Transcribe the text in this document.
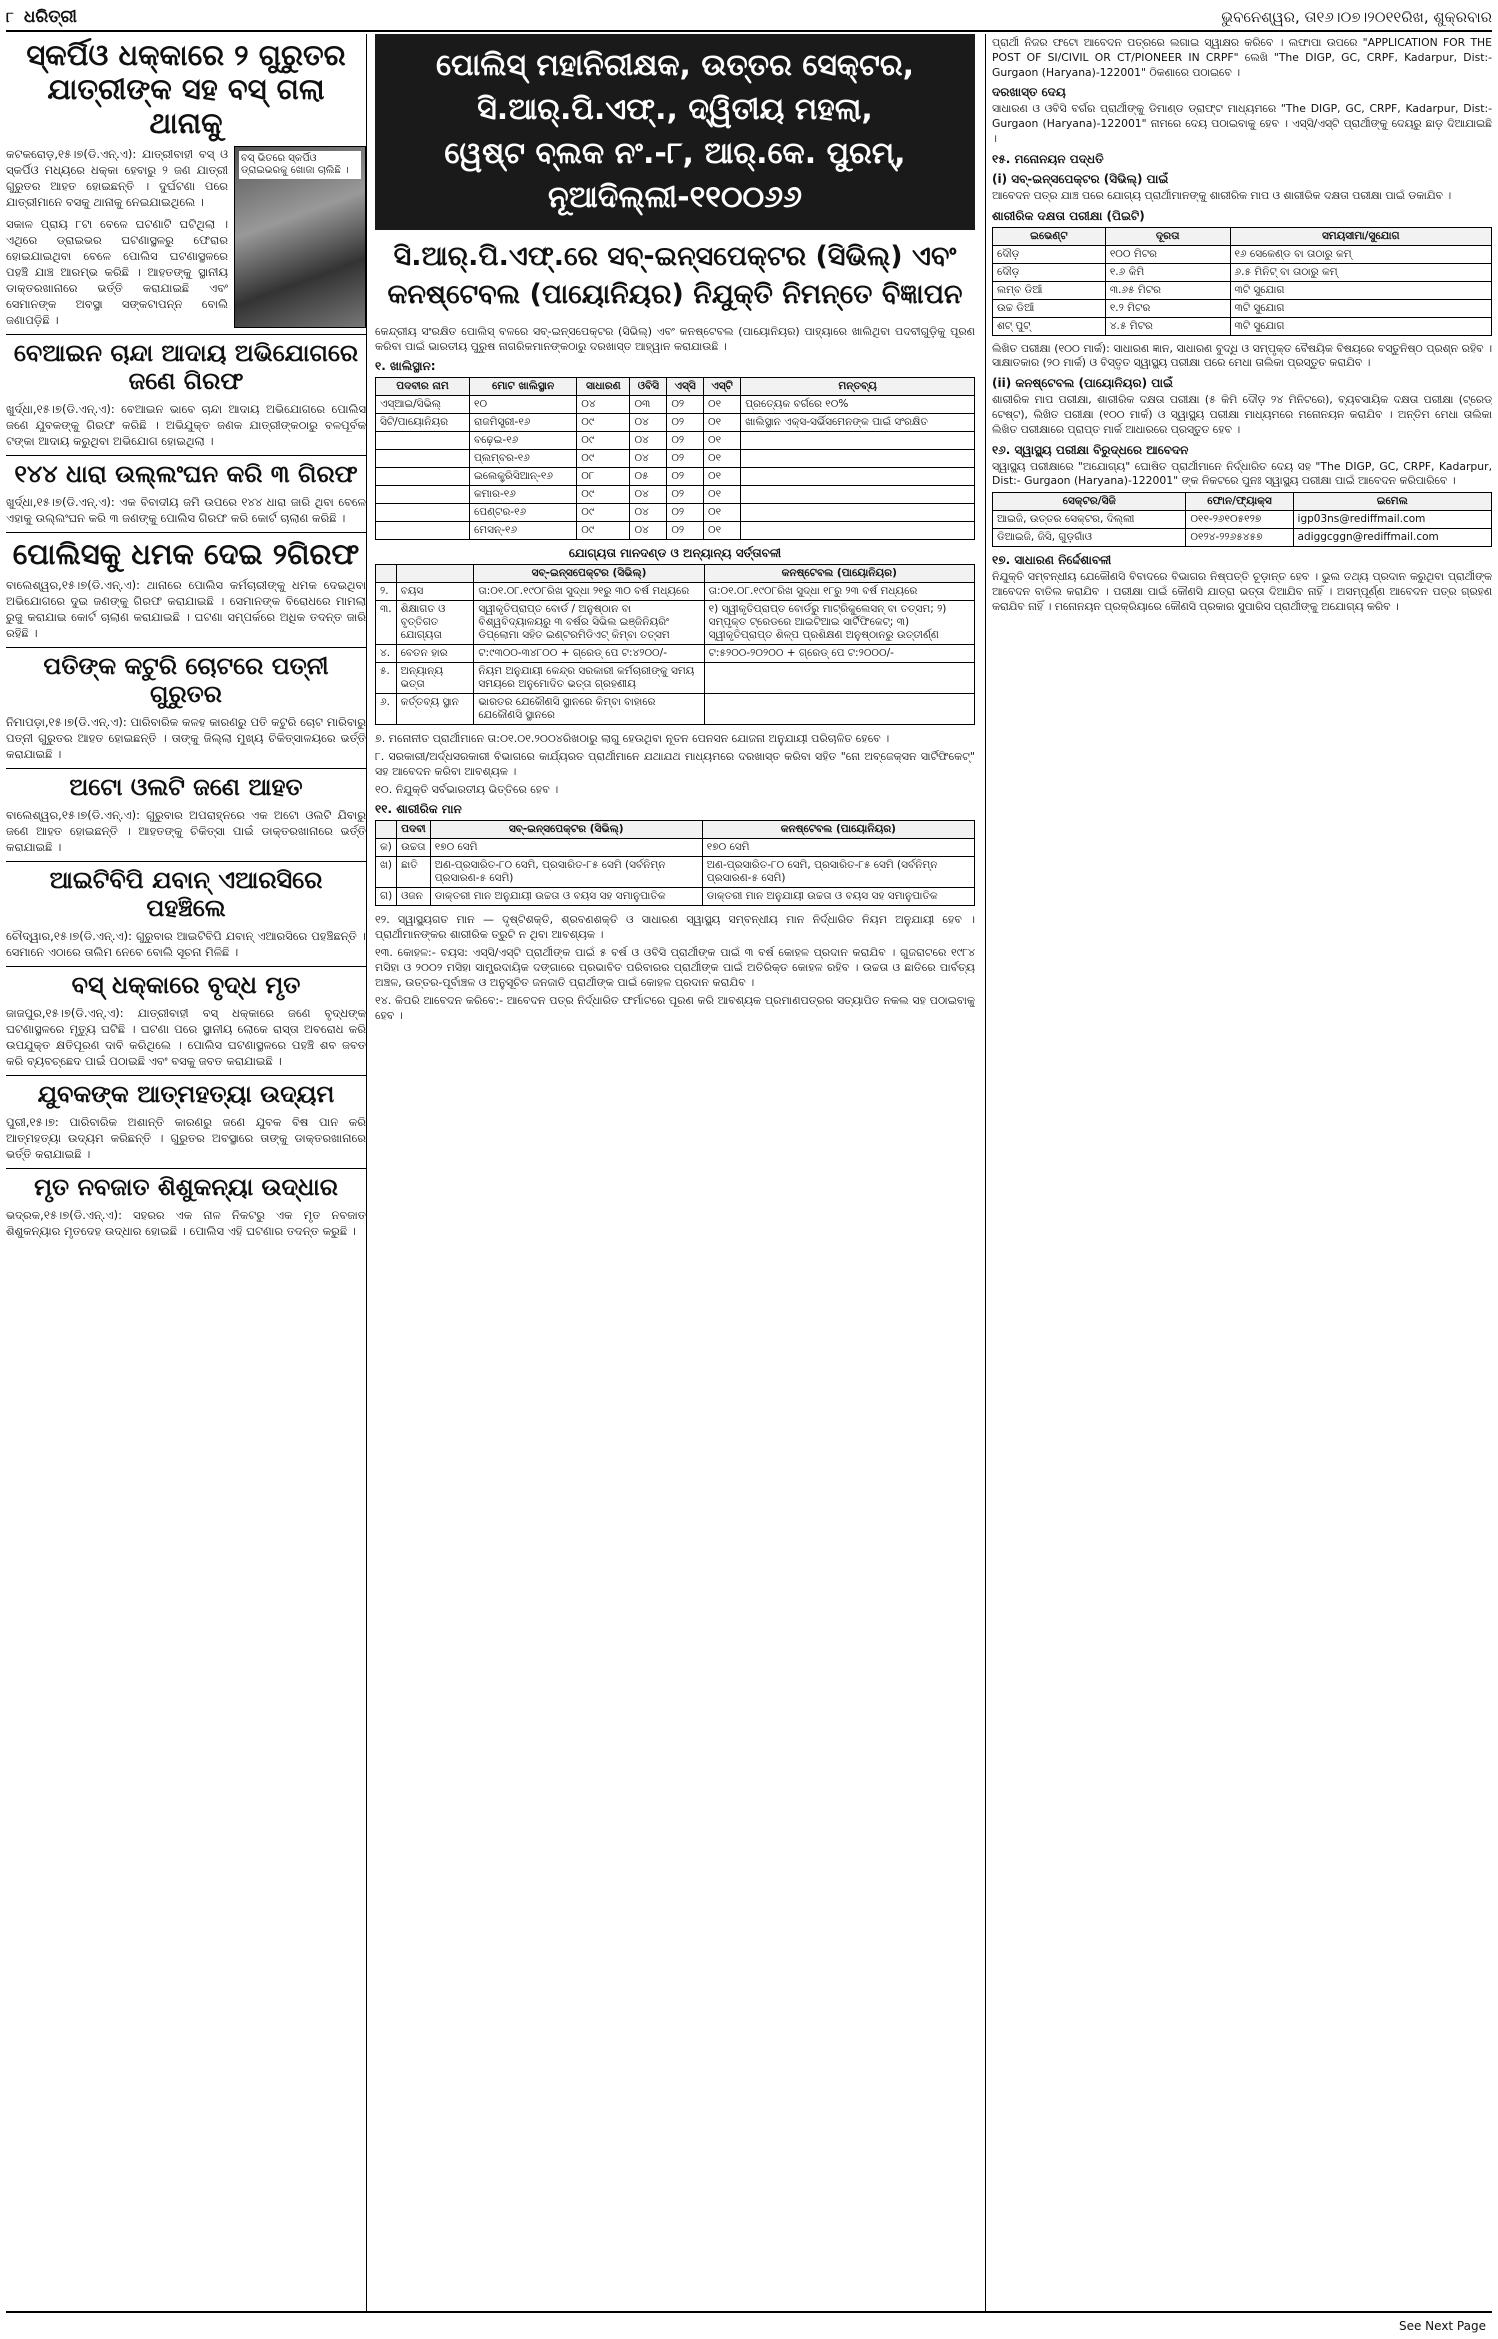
୮ ଧରିତ୍ରୀ	ଭୁବନେଶ୍ୱର, ତା୧୬।୦୭।୨୦୧୧ରିଖ, ଶୁକ୍ରବାର
ସ୍କର୍ପିଓ ଧକ୍କାରେ ୨ ଗୁରୁତର ଯାତ୍ରୀଙ୍କ ସହ ବସ୍ ଗଲା ଥାନାକୁ
ବସ୍ ଭିତରେ ସ୍କର୍ପିଓ ଡ୍ରାଇଭରକୁ ଖୋଜା ଚାଲିଛି ।

କଟକରୋଡ଼,୧୫।୭(ଡି.ଏନ୍.ଏ): ଯାତ୍ରୀବାହୀ ବସ୍ ଓ ସ୍କର୍ପିଓ ମଧ୍ୟରେ ଧକ୍କା ହେବାରୁ ୨ ଜଣ ଯାତ୍ରୀ ଗୁରୁତର ଆହତ ହୋଇଛନ୍ତି । ଦୁର୍ଘଟଣା ପରେ ଯାତ୍ରୀମାନେ ବସକୁ ଥାନାକୁ ନେଇଯାଇଥିଲେ ।

ସକାଳ ପ୍ରାୟ ୮ଟା ବେଳେ ଘଟଣାଟି ଘଟିଥିଲା । ଏଥିରେ ଡ୍ରାଇଭର ଘଟଣାସ୍ଥଳରୁ ଫେରାର ହୋଇଯାଇଥିବା ବେଳେ ପୋଲିସ ଘଟଣାସ୍ଥଳରେ ପହଞ୍ଚି ଯାଞ୍ଚ ଆରମ୍ଭ କରିଛି । ଆହତଙ୍କୁ ସ୍ଥାନୀୟ ଡାକ୍ତରଖାନାରେ ଭର୍ତ୍ତି କରାଯାଇଛି ଏବଂ ସେମାନଙ୍କ ଅବସ୍ଥା ସଙ୍କଟାପନ୍ନ ବୋଲି ଜଣାପଡ଼ିଛି ।

ବେଆଇନ ଚାନ୍ଦା ଆଦାୟ ଅଭିଯୋଗରେ ଜଣେ ଗିରଫ

ଖୁର୍ଦ୍ଧା,୧୫।୭(ଡି.ଏନ୍.ଏ): ବେଆଇନ ଭାବେ ଚାନ୍ଦା ଆଦାୟ ଅଭିଯୋଗରେ ପୋଲିସ ଜଣେ ଯୁବକଙ୍କୁ ଗିରଫ କରିଛି । ଅଭିଯୁକ୍ତ ଜଣକ ଯାତ୍ରୀଙ୍କଠାରୁ ବଳପୂର୍ବକ ଟଙ୍କା ଆଦାୟ କରୁଥିବା ଅଭିଯୋଗ ହୋଇଥିଲା ।

୧୪୪ ଧାରା ଉଲ୍ଲଂଘନ କରି ୩ ଗିରଫ

ଖୁର୍ଦ୍ଧା,୧୫।୭(ଡି.ଏନ୍.ଏ): ଏକ ବିବାଦୀୟ ଜମି ଉପରେ ୧୪୪ ଧାରା ଜାରି ଥିବା ବେଳେ ଏହାକୁ ଉଲ୍ଲଂଘନ କରି ୩ ଜଣଙ୍କୁ ପୋଲିସ ଗିରଫ କରି କୋର୍ଟ ଚାଲାଣ କରିଛି ।

ପୋଲିସକୁ ଧମକ ଦେଇ ୨ଗିରଫ

ବାଲେଶ୍ୱର,୧୫।୭(ଡି.ଏନ୍.ଏ): ଥାନାରେ ପୋଲିସ କର୍ମଚାରୀଙ୍କୁ ଧମକ ଦେଇଥିବା ଅଭିଯୋଗରେ ଦୁଇ ଜଣଙ୍କୁ ଗିରଫ କରାଯାଇଛି । ସେମାନଙ୍କ ବିରୋଧରେ ମାମଲା ରୁଜୁ କରାଯାଇ କୋର୍ଟ ଚାଲାଣ କରାଯାଇଛି । ଘଟଣା ସମ୍ପର୍କରେ ଅଧିକ ତଦନ୍ତ ଜାରି ରହିଛି ।

ପତିଙ୍କ କଟୁରି ଚୋଟରେ ପତ୍ନୀ ଗୁରୁତର

ନିମାପଡ଼ା,୧୫।୭(ଡି.ଏନ୍.ଏ): ପାରିବାରିକ କଳହ କାରଣରୁ ପତି କଟୁରି ଚୋଟ ମାରିବାରୁ ପତ୍ନୀ ଗୁରୁତର ଆହତ ହୋଇଛନ୍ତି । ତାଙ୍କୁ ଜିଲ୍ଲା ମୁଖ୍ୟ ଚିକିତ୍ସାଳୟରେ ଭର୍ତ୍ତି କରାଯାଇଛି ।

ଅଟୋ ଓଲଟି ଜଣେ ଆହତ

ବାଲେଶ୍ୱର,୧୫।୭(ଡି.ଏନ୍.ଏ): ଗୁରୁବାର ଅପରାହ୍ନରେ ଏକ ଅଟୋ ଓଲଟି ଯିବାରୁ ଜଣେ ଆହତ ହୋଇଛନ୍ତି । ଆହତଙ୍କୁ ଚିକିତ୍ସା ପାଇଁ ଡାକ୍ତରଖାନାରେ ଭର୍ତ୍ତି କରାଯାଇଛି ।

ଆଇଟିବିପି ଯବାନ୍ ଏଆରସିରେ ପହଞ୍ଚିଲେ

ଚୌଦ୍ୱାର,୧୫।୭(ଡି.ଏନ୍.ଏ): ଗୁରୁବାର ଆଇଟିବିପି ଯବାନ୍ ଏଆରସିରେ ପହଞ୍ଚିଛନ୍ତି । ସେମାନେ ଏଠାରେ ତାଲିମ ନେବେ ବୋଲି ସୂଚନା ମିଳିଛି ।

ବସ୍ ଧକ୍କାରେ ବୃଦ୍ଧ ମୃତ

ଜାଜପୁର,୧୫।୭(ଡି.ଏନ୍.ଏ): ଯାତ୍ରୀବାହୀ ବସ୍ ଧକ୍କାରେ ଜଣେ ବୃଦ୍ଧଙ୍କ ଘଟଣାସ୍ଥଳରେ ମୃତ୍ୟୁ ଘଟିଛି । ଘଟଣା ପରେ ସ୍ଥାନୀୟ ଲୋକେ ରାସ୍ତା ଅବରୋଧ କରି ଉପଯୁକ୍ତ କ୍ଷତିପୂରଣ ଦାବି କରିଥିଲେ । ପୋଲିସ ଘଟଣାସ୍ଥଳରେ ପହଞ୍ଚି ଶବ ଜବତ କରି ବ୍ୟବଚ୍ଛେଦ ପାଇଁ ପଠାଇଛି ଏବଂ ବସକୁ ଜବତ କରାଯାଇଛି ।

ଯୁବକଙ୍କ ଆତ୍ମହତ୍ୟା ଉଦ୍ୟମ

ପୁରୀ,୧୫।୭: ପାରିବାରିକ ଅଶାନ୍ତି କାରଣରୁ ଜଣେ ଯୁବକ ବିଷ ପାନ କରି ଆତ୍ମହତ୍ୟା ଉଦ୍ୟମ କରିଛନ୍ତି । ଗୁରୁତର ଅବସ୍ଥାରେ ତାଙ୍କୁ ଡାକ୍ତରଖାନାରେ ଭର୍ତ୍ତି କରାଯାଇଛି ।

ମୃତ ନବଜାତ ଶିଶୁକନ୍ୟା ଉଦ୍ଧାର

ଭଦ୍ରକ,୧୫।୭(ଡି.ଏନ୍.ଏ): ସହରର ଏକ ନାଳ ନିକଟରୁ ଏକ ମୃତ ନବଜାତ ଶିଶୁକନ୍ୟାର ମୃତଦେହ ଉଦ୍ଧାର ହୋଇଛି । ପୋଲିସ ଏହି ଘଟଣାର ତଦନ୍ତ କରୁଛି ।

ପୋଲିସ୍ ମହାନିରୀକ୍ଷକ, ଉତ୍ତର ସେକ୍ଟର,
ସି.ଆର୍.ପି.ଏଫ୍., ଦ୍ୱିତୀୟ ମହଲା,
ୱେଷ୍ଟ ବ୍ଲକ ନଂ.-୮, ଆର୍.କେ. ପୁରମ୍,
ନୂଆଦିଲ୍ଲୀ-୧୧୦୦୬୬
ସି.ଆର୍.ପି.ଏଫ୍.ରେ ସବ୍-ଇନ୍ସପେକ୍ଟର (ସିଭିଲ୍) ଏବଂ କନଷ୍ଟେବଲ (ପାୟୋନିୟର) ନିଯୁକ୍ତି ନିମନ୍ତେ ବିଜ୍ଞାପନ

କେନ୍ଦ୍ରୀୟ ସଂରକ୍ଷିତ ପୋଲିସ୍ ବଳରେ ସବ୍-ଇନ୍ସପେକ୍ଟର (ସିଭିଲ୍) ଏବଂ କନଷ୍ଟେବଲ (ପାୟୋନିୟର) ପାହ୍ୟାରେ ଖାଲିଥିବା ପଦବୀଗୁଡ଼ିକୁ ପୂରଣ କରିବା ପାଇଁ ଭାରତୀୟ ପୁରୁଷ ନାଗରିକମାନଙ୍କଠାରୁ ଦରଖାସ୍ତ ଆହ୍ୱାନ କରାଯାଉଛି ।

୧. ଖାଲିସ୍ଥାନ:
ପଦବୀର ନାମ	ମୋଟ ଖାଲିସ୍ଥାନ	ସାଧାରଣ	ଓବିସି	ଏସ୍‌ସି	ଏସ୍‌ଟି	ମନ୍ତବ୍ୟ
ଏସ୍ଆଇ/ସିଭିଲ୍	୧୦	୦୪	୦୩	୦୨	୦୧	ପ୍ରତ୍ୟେକ ବର୍ଗରେ ୧୦%
ସିଟି/ପାୟୋନିୟର	ରାଜମିସ୍ତ୍ରୀ-୧୬	୦୯	୦୪	୦୨	୦୧	ଖାଲିସ୍ଥାନ ଏକ୍ସ-ସର୍ଭିସମେନଙ୍କ ପାଇଁ ସଂରକ୍ଷିତ
	ବଢ଼େଇ-୧୬	୦୯	୦୪	୦୨	୦୧	
	ପ୍ଲମ୍ବର-୧୬	୦୯	୦୪	୦୨	୦୧	
	ଇଲେକ୍ଟ୍ରିସିଆନ୍-୧୬	୦୮	୦୫	୦୨	୦୧	
	କମାର-୧୬	୦୯	୦୪	୦୨	୦୧	
	ପେଣ୍ଟର-୧୬	୦୯	୦୪	୦୨	୦୧	
	ମେସନ୍-୧୬	୦୯	୦୪	୦୨	୦୧	
ଯୋଗ୍ୟତା ମାନଦଣ୍ଡ ଓ ଅନ୍ୟାନ୍ୟ ସର୍ତ୍ତାବଳୀ
		ସବ୍-ଇନ୍ସପେକ୍ଟର (ସିଭିଲ୍)	କନଷ୍ଟେବଲ (ପାୟୋନିୟର)
୨.	ବୟସ	ତା:୦୧.୦୮.୧୯୦୮ରିଖ ସୁଦ୍ଧା ୨୧ରୁ ୩୦ ବର୍ଷ ମଧ୍ୟରେ	ତା:୦୧.୦୮.୧୯୦୮ରିଖ ସୁଦ୍ଧା ୧୮ରୁ ୨୩ ବର୍ଷ ମଧ୍ୟରେ
୩.	ଶିକ୍ଷାଗତ ଓ ବୃତ୍ତିଗତ ଯୋଗ୍ୟତା	ସ୍ୱୀକୃତିପ୍ରାପ୍ତ ବୋର୍ଡ / ଅନୁଷ୍ଠାନ ବା ବିଶ୍ୱବିଦ୍ୟାଳୟରୁ ୩ ବର୍ଷର ସିଭିଲ ଇଞ୍ଜିନିୟରିଂ ଡିପ୍ଲୋମା ସହିତ ଇଣ୍ଟରମିଡିଏଟ୍ କିମ୍ବା ତତ୍ସମ	୧) ସ୍ୱୀକୃତିପ୍ରାପ୍ତ ବୋର୍ଡରୁ ମାଟ୍ରିକୁଲେସନ୍ ବା ତତ୍ସମ; ୨) ସମ୍ପୃକ୍ତ ଟ୍ରେଡରେ ଆଇଟିଆଇ ସାର୍ଟିଫିକେଟ୍; ୩) ସ୍ୱୀକୃତିପ୍ରାପ୍ତ ଶିଳ୍ପ ପ୍ରଶିକ୍ଷଣ ଅନୁଷ୍ଠାନରୁ ଉତ୍ତୀର୍ଣ୍ଣ
୪.	ବେତନ ହାର	ଟ:୯୩୦୦-୩୪୮୦୦ + ଗ୍ରେଡ୍ ପେ ଟ:୪୨୦୦/-	ଟ:୫୨୦୦-୨୦୨୦୦ + ଗ୍ରେଡ୍ ପେ ଟ:୨୦୦୦/-
୫.	ଅନ୍ୟାନ୍ୟ ଭତ୍ତା	ନିୟମ ଅନୁଯାୟୀ କେନ୍ଦ୍ର ସରକାରୀ କର୍ମଚାରୀଙ୍କୁ ସମୟ ସମୟରେ ଅନୁମୋଦିତ ଭତ୍ତା ଗ୍ରହଣୀୟ	
୬.	କର୍ତ୍ତବ୍ୟ ସ୍ଥାନ	ଭାରତର ଯେକୌଣସି ସ୍ଥାନରେ କିମ୍ବା ବାହାରେ ଯେକୌଣସି ସ୍ଥାନରେ	

୭. ମନୋନୀତ ପ୍ରାର୍ଥୀମାନେ ତା:୦୧.୦୧.୨୦୦୪ରିଖଠାରୁ ଲାଗୁ ହେଉଥିବା ନୂତନ ପେନସନ ଯୋଜନା ଅନୁଯାୟୀ ପରିଚାଳିତ ହେବେ ।

୮. ସରକାରୀ/ଅର୍ଦ୍ଧସରକାରୀ ବିଭାଗରେ କାର୍ଯ୍ୟରତ ପ୍ରାର୍ଥୀମାନେ ଯଥାଯଥ ମାଧ୍ୟମରେ ଦରଖାସ୍ତ କରିବା ସହିତ "ନୋ ଅବ୍‌ଜେକ୍ସନ ସାର୍ଟିଫିକେଟ୍" ସହ ଆବେଦନ କରିବା ଆବଶ୍ୟକ ।

୧୦. ନିଯୁକ୍ତି ସର୍ବଭାରତୀୟ ଭିତ୍ତିରେ ହେବ ।

୧୧. ଶାରୀରିକ ମାନ
	ପଦବୀ	ସବ୍-ଇନ୍ସପେକ୍ଟର (ସିଭିଲ୍)	କନଷ୍ଟେବଲ (ପାୟୋନିୟର)
କ)	ଉଚ୍ଚତା	୧୭୦ ସେମି	୧୭୦ ସେମି
ଖ)	ଛାତି	ଅଣ-ପ୍ରସାରିତ-୮୦ ସେମି, ପ୍ରସାରିତ-୮୫ ସେମି (ସର୍ବନିମ୍ନ ପ୍ରସାରଣ-୫ ସେମି)	ଅଣ-ପ୍ରସାରିତ-୮୦ ସେମି, ପ୍ରସାରିତ-୮୫ ସେମି (ସର୍ବନିମ୍ନ ପ୍ରସାରଣ-୫ ସେମି)
ଗ)	ଓଜନ	ଡାକ୍ତରୀ ମାନ ଅନୁଯାୟୀ ଉଚ୍ଚତା ଓ ବୟସ ସହ ସମାନୁପାତିକ	ଡାକ୍ତରୀ ମାନ ଅନୁଯାୟୀ ଉଚ୍ଚତା ଓ ବୟସ ସହ ସମାନୁପାତିକ

୧୨. ସ୍ୱାସ୍ଥ୍ୟଗତ ମାନ — ଦୃଷ୍ଟିଶକ୍ତି, ଶ୍ରବଣଶକ୍ତି ଓ ସାଧାରଣ ସ୍ୱାସ୍ଥ୍ୟ ସମ୍ବନ୍ଧୀୟ ମାନ ନିର୍ଦ୍ଧାରିତ ନିୟମ ଅନୁଯାୟୀ ହେବ । ପ୍ରାର୍ଥୀମାନଙ୍କର ଶାରୀରିକ ତ୍ରୁଟି ନ ଥିବା ଆବଶ୍ୟକ ।

୧୩. କୋହଳ:- ବୟସ: ଏସ୍‌ସି/ଏସ୍‌ଟି ପ୍ରାର୍ଥୀଙ୍କ ପାଇଁ ୫ ବର୍ଷ ଓ ଓବିସି ପ୍ରାର୍ଥୀଙ୍କ ପାଇଁ ୩ ବର୍ଷ କୋହଳ ପ୍ରଦାନ କରାଯିବ । ଗୁଜରାଟରେ ୧୯୮୪ ମସିହା ଓ ୨୦୦୨ ମସିହା ସାମ୍ପ୍ରଦାୟିକ ଦଙ୍ଗାରେ ପ୍ରଭାବିତ ପରିବାରର ପ୍ରାର୍ଥୀଙ୍କ ପାଇଁ ଅତିରିକ୍ତ କୋହଳ ରହିବ । ଉଚ୍ଚତା ଓ ଛାତିରେ ପାର୍ବତ୍ୟ ଅଞ୍ଚଳ, ଉତ୍ତର-ପୂର୍ବାଞ୍ଚଳ ଓ ଅନୁସୂଚିତ ଜନଜାତି ପ୍ରାର୍ଥୀଙ୍କ ପାଇଁ କୋହଳ ପ୍ରଦାନ କରାଯିବ ।

୧୪. କିପରି ଆବେଦନ କରିବେ:- ଆବେଦନ ପତ୍ର ନିର୍ଦ୍ଧାରିତ ଫର୍ମାଟରେ ପୂରଣ କରି ଆବଶ୍ୟକ ପ୍ରମାଣପତ୍ରର ସତ୍ୟାପିତ ନକଲ ସହ ପଠାଇବାକୁ ହେବ ।

ପ୍ରାର୍ଥୀ ନିଜର ଫଟୋ ଆବେଦନ ପତ୍ରରେ ଲଗାଇ ସ୍ୱାକ୍ଷର କରିବେ । ଲଫାପା ଉପରେ "APPLICATION FOR THE POST OF SI/CIVIL OR CT/PIONEER IN CRPF" ଲେଖି "The DIGP, GC, CRPF, Kadarpur, Dist:- Gurgaon (Haryana)-122001" ଠିକଣାରେ ପଠାଇବେ ।

ଦରଖାସ୍ତ ଦେୟ

ସାଧାରଣ ଓ ଓବିସି ବର୍ଗର ପ୍ରାର୍ଥୀଙ୍କୁ ଡିମାଣ୍ଡ ଡ୍ରାଫ୍ଟ ମାଧ୍ୟମରେ "The DIGP, GC, CRPF, Kadarpur, Dist:-Gurgaon (Haryana)-122001" ନାମରେ ଦେୟ ପଠାଇବାକୁ ହେବ । ଏସ୍‌ସି/ଏସ୍‌ଟି ପ୍ରାର୍ଥୀଙ୍କୁ ଦେୟରୁ ଛାଡ଼ ଦିଆଯାଇଛି ।

୧୫. ମନୋନୟନ ପଦ୍ଧତି
(i) ସବ୍-ଇନ୍ସପେକ୍ଟର (ସିଭିଲ୍) ପାଇଁ

ଆବେଦନ ପତ୍ର ଯାଞ୍ଚ ପରେ ଯୋଗ୍ୟ ପ୍ରାର୍ଥୀମାନଙ୍କୁ ଶାରୀରିକ ମାପ ଓ ଶାରୀରିକ ଦକ୍ଷତା ପରୀକ୍ଷା ପାଇଁ ଡକାଯିବ ।

ଶାରୀରିକ ଦକ୍ଷତା ପରୀକ୍ଷା (ପିଇଟି)
ଇଭେଣ୍ଟ	ଦୂରତା	ସମୟସୀମା/ସୁଯୋଗ
ଦୌଡ଼	୧୦୦ ମିଟର	୧୬ ସେକେଣ୍ଡ ବା ତାଠାରୁ କମ୍
ଦୌଡ଼	୧.୬ କିମି	୬.୫ ମିନିଟ୍ ବା ତାଠାରୁ କମ୍
ଲମ୍ବ ଡିଆଁ	୩.୬୫ ମିଟର	୩ଟି ସୁଯୋଗ
ଉଚ୍ଚ ଡିଆଁ	୧.୨ ମିଟର	୩ଟି ସୁଯୋଗ
ଶଟ୍ ପୁଟ୍	୪.୫ ମିଟର	୩ଟି ସୁଯୋଗ

ଲିଖିତ ପରୀକ୍ଷା (୧୦୦ ମାର୍କ): ସାଧାରଣ ଜ୍ଞାନ, ସାଧାରଣ ବୁଦ୍ଧି ଓ ସମ୍ପୃକ୍ତ ବୈଷୟିକ ବିଷୟରେ ବସ୍ତୁନିଷ୍ଠ ପ୍ରଶ୍ନ ରହିବ । ସାକ୍ଷାତକାର (୨୦ ମାର୍କ) ଓ ବିସ୍ତୃତ ସ୍ୱାସ୍ଥ୍ୟ ପରୀକ୍ଷା ପରେ ମେଧା ତାଲିକା ପ୍ରସ୍ତୁତ କରାଯିବ ।

(ii) କନଷ୍ଟେବଲ (ପାୟୋନିୟର) ପାଇଁ

ଶାରୀରିକ ମାପ ପରୀକ୍ଷା, ଶାରୀରିକ ଦକ୍ଷତା ପରୀକ୍ଷା (୫ କିମି ଦୌଡ଼ ୨୪ ମିନିଟରେ), ବ୍ୟବସାୟିକ ଦକ୍ଷତା ପରୀକ୍ଷା (ଟ୍ରେଡ୍ ଟେଷ୍ଟ), ଲିଖିତ ପରୀକ୍ଷା (୧୦୦ ମାର୍କ) ଓ ସ୍ୱାସ୍ଥ୍ୟ ପରୀକ୍ଷା ମାଧ୍ୟମରେ ମନୋନୟନ କରାଯିବ । ଅନ୍ତିମ ମେଧା ତାଲିକା ଲିଖିତ ପରୀକ୍ଷାରେ ପ୍ରାପ୍ତ ମାର୍କ ଆଧାରରେ ପ୍ରସ୍ତୁତ ହେବ ।

୧୬. ସ୍ୱାସ୍ଥ୍ୟ ପରୀକ୍ଷା ବିରୁଦ୍ଧରେ ଆବେଦନ

ସ୍ୱାସ୍ଥ୍ୟ ପରୀକ୍ଷାରେ "ଅଯୋଗ୍ୟ" ଘୋଷିତ ପ୍ରାର୍ଥୀମାନେ ନିର୍ଦ୍ଧାରିତ ଦେୟ ସହ "The DIGP, GC, CRPF, Kadarpur, Dist:- Gurgaon (Haryana)-122001" ଙ୍କ ନିକଟରେ ପୁନଃ ସ୍ୱାସ୍ଥ୍ୟ ପରୀକ୍ଷା ପାଇଁ ଆବେଦନ କରିପାରିବେ ।

ସେକ୍ଟର/ସିଜି	ଫୋନ/ଫ୍ୟାକ୍ସ	ଇମେଲ
ଆଇଜି, ଉତ୍ତର ସେକ୍ଟର, ଦିଲ୍ଲୀ	୦୧୧-୨୬୧୦୫୧୨୭	igp03ns@rediffmail.com
ଡିଆଇଜି, ଜିସି, ଗୁଡ଼ଗାଁଓ	୦୧୨୪-୨୨୬୫୪୫୭	adiggcggn@rediffmail.com
୧୭. ସାଧାରଣ ନିର୍ଦ୍ଦେଶାବଳୀ

ନିଯୁକ୍ତି ସମ୍ବନ୍ଧୀୟ ଯେକୌଣସି ବିବାଦରେ ବିଭାଗର ନିଷ୍ପତ୍ତି ଚୂଡ଼ାନ୍ତ ହେବ । ଭୁଲ ତଥ୍ୟ ପ୍ରଦାନ କରୁଥିବା ପ୍ରାର୍ଥୀଙ୍କ ଆବେଦନ ବାତିଲ କରାଯିବ । ପରୀକ୍ଷା ପାଇଁ କୌଣସି ଯାତ୍ରା ଭତ୍ତା ଦିଆଯିବ ନାହିଁ । ଅସମ୍ପୂର୍ଣ୍ଣ ଆବେଦନ ପତ୍ର ଗ୍ରହଣ କରାଯିବ ନାହିଁ । ମନୋନୟନ ପ୍ରକ୍ରିୟାରେ କୌଣସି ପ୍ରକାର ସୁପାରିସ ପ୍ରାର୍ଥୀଙ୍କୁ ଅଯୋଗ୍ୟ କରିବ ।

See Next Page
